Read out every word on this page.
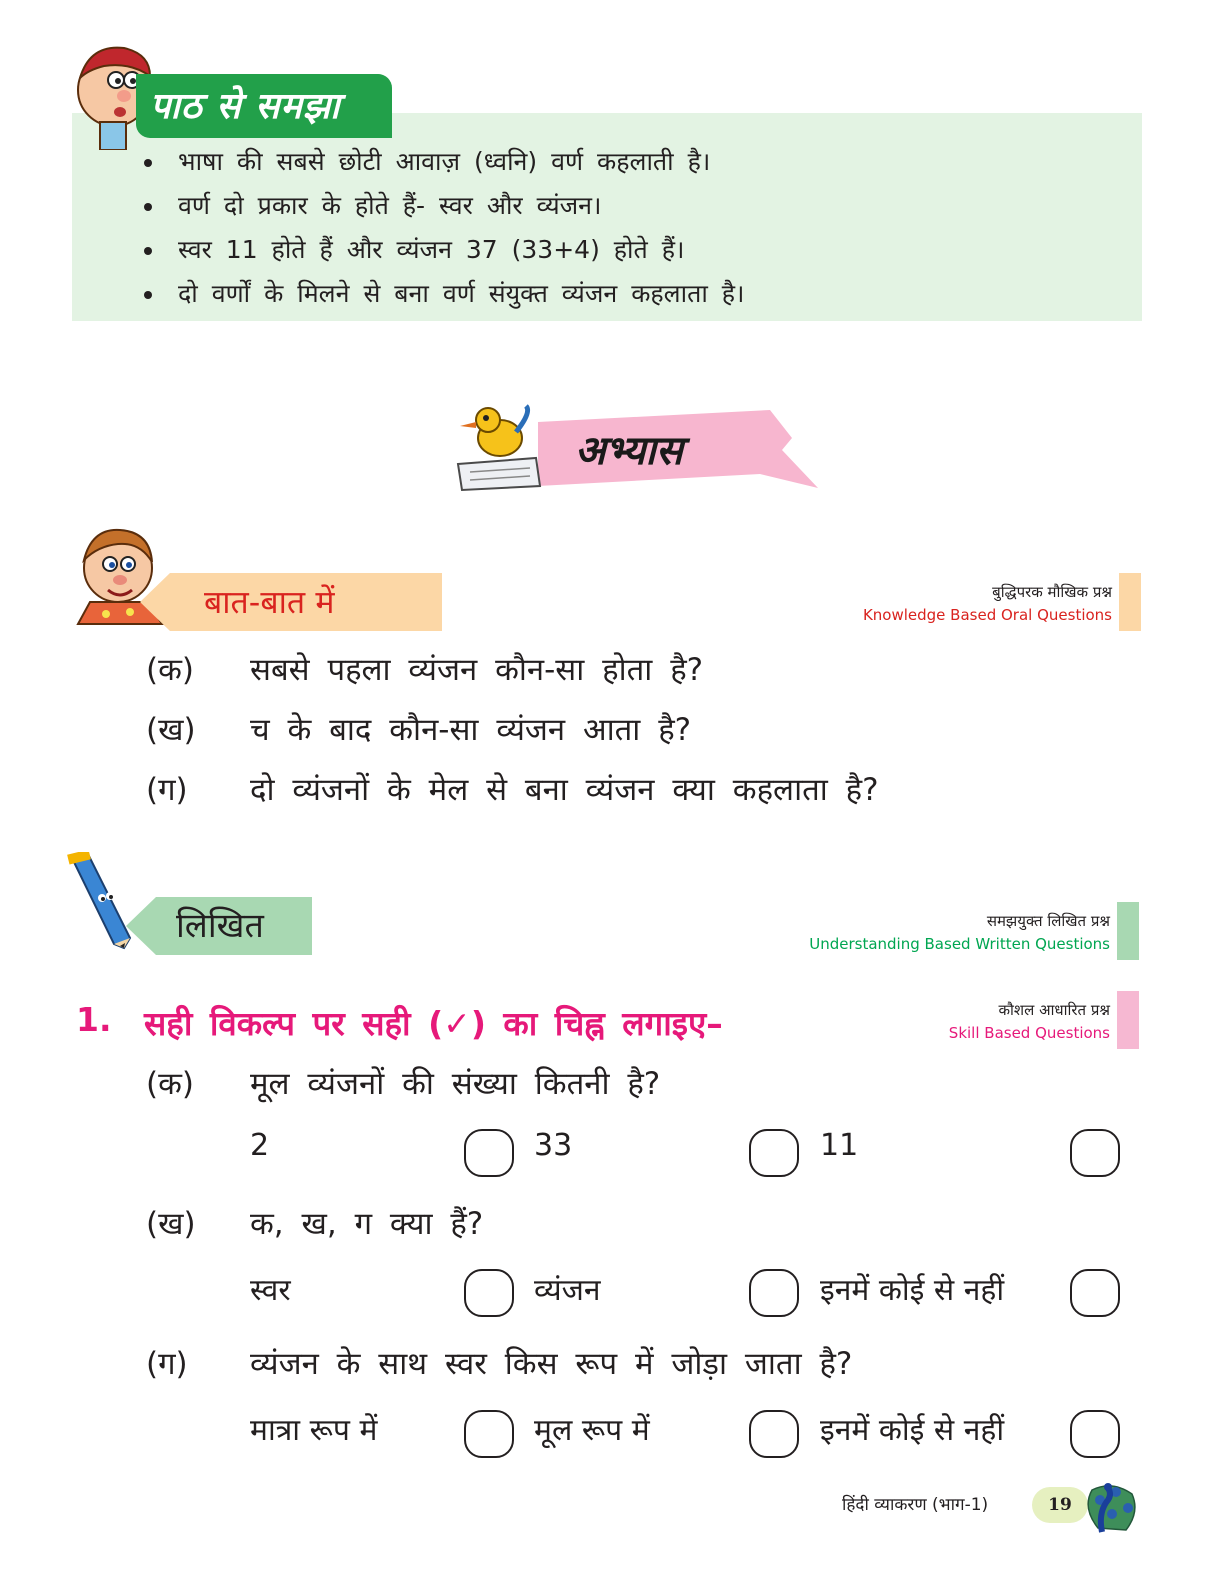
पाठ से समझा
भाषा की सबसे छोटी आवाज़ (ध्वनि) वर्ण कहलाती है।
वर्ण दो प्रकार के होते हैं- स्वर और व्यंजन।
स्वर 11 होते हैं और व्यंजन 37 (33+4) होते हैं।
दो वर्णों के मिलने से बना वर्ण संयुक्त व्यंजन कहलाता है।
अभ्यास
बात-बात में	बुद्धिपरक मौखिक प्रश्न
Knowledge Based Oral Questions
(क) सबसे पहला व्यंजन कौन-सा होता है?
(ख) च के बाद कौन-सा व्यंजन आता है?
(ग) दो व्यंजनों के मेल से बना व्यंजन क्या कहलाता है?
लिखित	समझयुक्त लिखित प्रश्न
Understanding Based Written Questions
कौशल आधारित प्रश्न
Skill Based Questions
1. सही विकल्प पर सही (✓) का चिह्न लगाइए–
(क) मूल व्यंजनों की संख्या कितनी है?
2	33	11
(ख) क, ख, ग क्या हैं?
स्वर	व्यंजन	इनमें कोई से नहीं
(ग) व्यंजन के साथ स्वर किस रूप में जोड़ा जाता है?
मात्रा रूप में	मूल रूप में	इनमें कोई से नहीं
हिंदी व्याकरण (भाग-1)	19
